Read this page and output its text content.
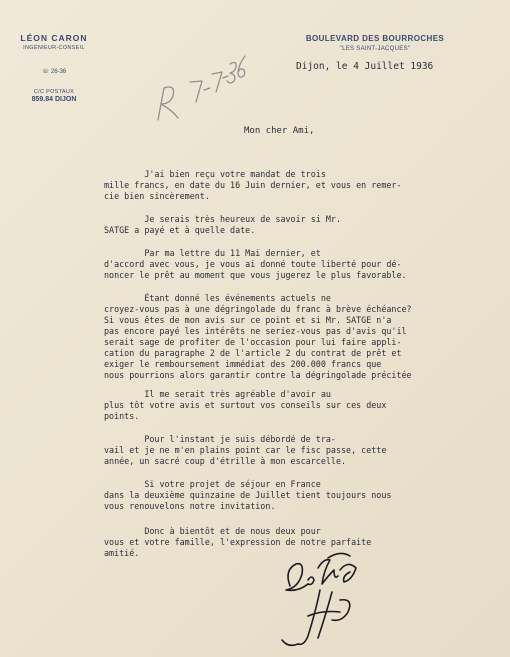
LÉON CARON
INGÉNIEUR-CONSEIL
☏ 26-36
C/C POSTAUX
859.84 DIJON
BOULEVARD DES BOURROCHES
"LES SAINT-JACQUES"
Dijon, le 4 Juillet 1936
Mon cher Ami,
J'ai bien reçu votre mandat de trois
mille francs, en date du 16 Juin dernier, et vous en remer-
cie bien sincèrement.
Je serais très heureux de savoir si Mr.
SATGE a payé et à quelle date.
Par ma lettre du 11 Mai dernier, et
d'accord avec vous, je vous ai donné toute liberté pour dé-
noncer le prêt au moment que vous jugerez le plus favorable.
Étant donné les événements actuels ne
croyez-vous pas à une dégringolade du franc à brève échéance?
Si vous êtes de mon avis sur ce point et si Mr. SATGE n'a
pas encore payé les intérêts ne seriez-vous pas d'avis qu'il
serait sage de profiter de l'occasion pour lui faire appli-
cation du paragraphe 2 de l'article 2 du contrat de prêt et
exiger le remboursement immédiat des 200.000 francs que
nous pourrions alors garantir contre la dégringolade précitée
Il me serait très agréable d'avoir au
plus tôt votre avis et surtout vos conseils sur ces deux
points.
Pour l'instant je suis débordé de tra-
vail et je ne m'en plains point car le fisc passe, cette
année, un sacré coup d'étrille à mon escarcelle.
Si votre projet de séjour en France
dans la deuxième quinzaine de Juillet tient toujours nous
vous renouvelons notre invitation.
Donc à bientôt et de nous deux pour
vous et votre famille, l'expression de notre parfaite
amitié.
